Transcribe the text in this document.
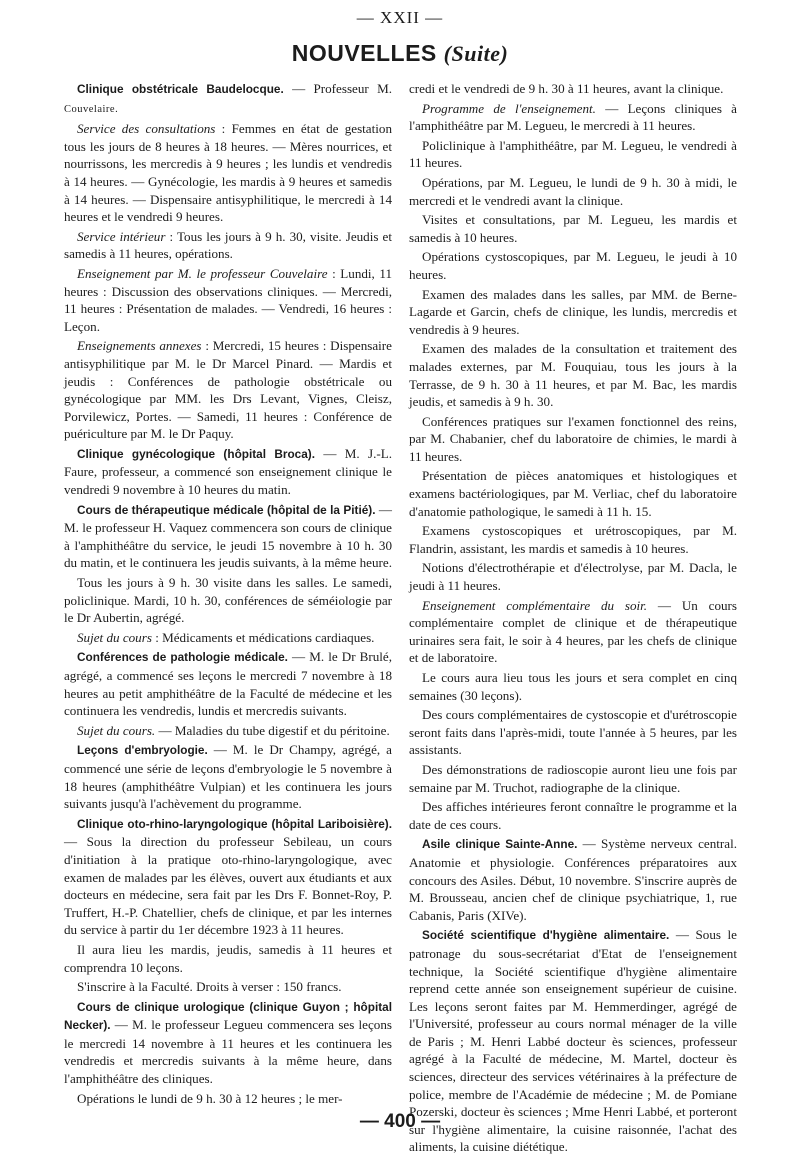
— XXII —
NOUVELLES (Suite)

Clinique obstétricale Baudelocque. — Professeur M. Couvelaire.

Service des consultations : Femmes en état de gestation tous les jours de 8 heures à 18 heures. — Mères nourrices, et nourrissons, les mercredis à 9 heures ; les lundis et vendredis à 14 heures. — Gynécologie, les mardis à 9 heures et samedis à 14 heures. — Dispensaire antisyphilitique, le mercredi à 14 heures et le vendredi 9 heures.

Service intérieur : Tous les jours à 9 h. 30, visite. Jeudis et samedis à 11 heures, opérations.

Enseignement par M. le professeur Couvelaire : Lundi, 11 heures : Discussion des observations cliniques. — Mercredi, 11 heures : Présentation de malades. — Vendredi, 16 heures : Leçon.

Enseignements annexes : Mercredi, 15 heures : Dispensaire antisyphilitique par M. le Dr Marcel Pinard. — Mardis et jeudis : Conférences de pathologie obstétricale ou gynécologique par MM. les Drs Levant, Vignes, Cleisz, Porvilewicz, Portes. — Samedi, 11 heures : Conférence de puériculture par M. le Dr Paquy.

Clinique gynécologique (hôpital Broca). — M. J.-L. Faure, professeur, a commencé son enseignement clinique le vendredi 9 novembre à 10 heures du matin.

Cours de thérapeutique médicale (hôpital de la Pitié). — M. le professeur H. Vaquez commencera son cours de clinique à l'amphithéâtre du service, le jeudi 15 novembre à 10 h. 30 du matin, et le continuera les jeudis suivants, à la même heure.

Tous les jours à 9 h. 30 visite dans les salles. Le samedi, policlinique. Mardi, 10 h. 30, conférences de séméiologie par le Dr Aubertin, agrégé.

Sujet du cours : Médicaments et médications cardiaques.

Conférences de pathologie médicale. — M. le Dr Brulé, agrégé, a commencé ses leçons le mercredi 7 novembre à 18 heures au petit amphithéâtre de la Faculté de médecine et les continuera les vendredis, lundis et mercredis suivants.

Sujet du cours. — Maladies du tube digestif et du péritoine.

Leçons d'embryologie. — M. le Dr Champy, agrégé, a commencé une série de leçons d'embryologie le 5 novembre à 18 heures (amphithéâtre Vulpian) et les continuera les jours suivants jusqu'à l'achèvement du programme.

Clinique oto-rhino-laryngologique (hôpital Lariboisière). — Sous la direction du professeur Sebileau, un cours d'initiation à la pratique oto-rhino-laryngologique, avec examen de malades par les élèves, ouvert aux étudiants et aux docteurs en médecine, sera fait par les Drs F. Bonnet-Roy, P. Truffert, H.-P. Chatellier, chefs de clinique, et par les internes du service à partir du 1er décembre 1923 à 11 heures.

Il aura lieu les mardis, jeudis, samedis à 11 heures et comprendra 10 leçons.

S'inscrire à la Faculté. Droits à verser : 150 francs.

Cours de clinique urologique (clinique Guyon ; hôpital Necker). — M. le professeur Legueu commencera ses leçons le mercredi 14 novembre à 11 heures et les continuera les vendredis et mercredis suivants à la même heure, dans l'amphithéâtre des cliniques.

Opérations le lundi de 9 h. 30 à 12 heures ; le mer-

credi et le vendredi de 9 h. 30 à 11 heures, avant la clinique.

Programme de l'enseignement. — Leçons cliniques à l'amphithéâtre par M. Legueu, le mercredi à 11 heures.

Policlinique à l'amphithéâtre, par M. Legueu, le vendredi à 11 heures.

Opérations, par M. Legueu, le lundi de 9 h. 30 à midi, le mercredi et le vendredi avant la clinique.

Visites et consultations, par M. Legueu, les mardis et samedis à 10 heures.

Opérations cystoscopiques, par M. Legueu, le jeudi à 10 heures.

Examen des malades dans les salles, par MM. de Berne-Lagarde et Garcin, chefs de clinique, les lundis, mercredis et vendredis à 9 heures.

Examen des malades de la consultation et traitement des malades externes, par M. Fouquiau, tous les jours à la Terrasse, de 9 h. 30 à 11 heures, et par M. Bac, les mardis jeudis, et samedis à 9 h. 30.

Conférences pratiques sur l'examen fonctionnel des reins, par M. Chabanier, chef du laboratoire de chimies, le mardi à 11 heures.

Présentation de pièces anatomiques et histologiques et examens bactériologiques, par M. Verliac, chef du laboratoire d'anatomie pathologique, le samedi à 11 h. 15.

Examens cystoscopiques et urétroscopiques, par M. Flandrin, assistant, les mardis et samedis à 10 heures.

Notions d'électrothérapie et d'électrolyse, par M. Dacla, le jeudi à 11 heures.

Enseignement complémentaire du soir. — Un cours complémentaire complet de clinique et de thérapeutique urinaires sera fait, le soir à 4 heures, par les chefs de clinique et de laboratoire.

Le cours aura lieu tous les jours et sera complet en cinq semaines (30 leçons).

Des cours complémentaires de cystoscopie et d'urétroscopie seront faits dans l'après-midi, toute l'année à 5 heures, par les assistants.

Des démonstrations de radioscopie auront lieu une fois par semaine par M. Truchot, radiographe de la clinique.

Des affiches intérieures feront connaître le programme et la date de ces cours.

Asile clinique Sainte-Anne. — Système nerveux central. Anatomie et physiologie. Conférences préparatoires aux concours des Asiles. Début, 10 novembre. S'inscrire auprès de M. Brousseau, ancien chef de clinique psychiatrique, 1, rue Cabanis, Paris (XIVe).

Société scientifique d'hygiène alimentaire. — Sous le patronage du sous-secrétariat d'Etat de l'enseignement technique, la Société scientifique d'hygiène alimentaire reprend cette année son enseignement supérieur de cuisine. Les leçons seront faites par M. Hemmerdinger, agrégé de l'Université, professeur au cours normal ménager de la ville de Paris ; M. Henri Labbé docteur ès sciences, professeur agrégé à la Faculté de médecine, M. Martel, docteur ès sciences, directeur des services vétérinaires à la préfecture de police, membre de l'Académie de médecine ; M. de Pomiane Pozerski, docteur ès sciences ; Mme Henri Labbé, et porteront sur l'hygiène alimentaire, la cuisine raisonnée, l'achat des aliments, la cuisine diététique.

— 400 —
